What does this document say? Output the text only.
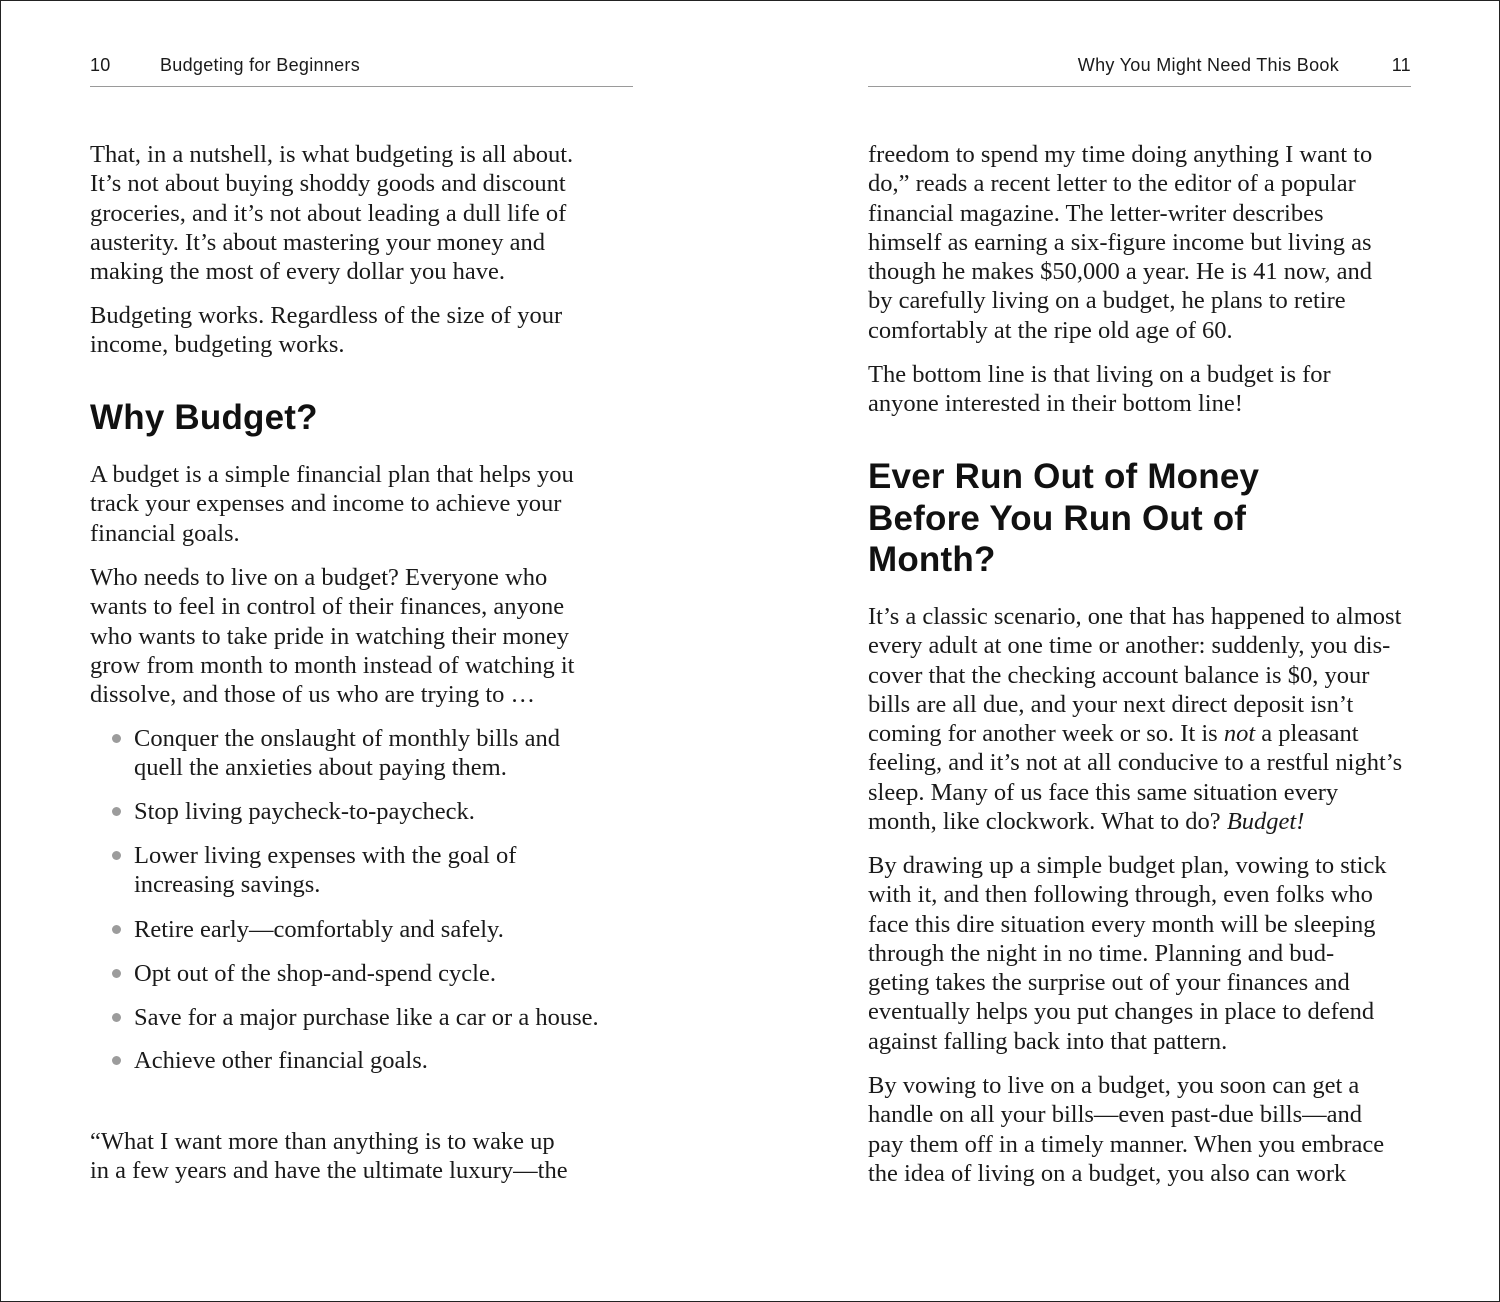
10	Budgeting for Beginners
That, in a nutshell, is what budgeting is all about.
It’s not about buying shoddy goods and discount
groceries, and it’s not about leading a dull life of
austerity. It’s about mastering your money and
making the most of every dollar you have.
Budgeting works. Regardless of the size of your
income, budgeting works.
Why Budget?
A budget is a simple financial plan that helps you
track your expenses and income to achieve your
financial goals.
Who needs to live on a budget? Everyone who
wants to feel in control of their finances, anyone
who wants to take pride in watching their money
grow from month to month instead of watching it
dissolve, and those of us who are trying to …
Conquer the onslaught of monthly bills and
quell the anxieties about paying them.
Stop living paycheck-to-paycheck.
Lower living expenses with the goal of
increasing savings.
Retire early—comfortably and safely.
Opt out of the shop-and-spend cycle.
Save for a major purchase like a car or a house.
Achieve other financial goals.
“What I want more than anything is to wake up
in a few years and have the ultimate luxury—the
Why You Might Need This Book	11
freedom to spend my time doing anything I want to
do,” reads a recent letter to the editor of a popular
financial magazine. The letter-writer describes
himself as earning a six-figure income but living as
though he makes $50,000 a year. He is 41 now, and
by carefully living on a budget, he plans to retire
comfortably at the ripe old age of 60.
The bottom line is that living on a budget is for
anyone interested in their bottom line!
Ever Run Out of Money
Before You Run Out of
Month?
It’s a classic scenario, one that has happened to almost
every adult at one time or another: suddenly, you dis-
cover that the checking account balance is $0, your
bills are all due, and your next direct deposit isn’t
coming for another week or so. It is not a pleasant
feeling, and it’s not at all conducive to a restful night’s
sleep. Many of us face this same situation every
month, like clockwork. What to do? Budget!
By drawing up a simple budget plan, vowing to stick
with it, and then following through, even folks who
face this dire situation every month will be sleeping
through the night in no time. Planning and bud-
geting takes the surprise out of your finances and
eventually helps you put changes in place to defend
against falling back into that pattern.
By vowing to live on a budget, you soon can get a
handle on all your bills—even past-due bills—and
pay them off in a timely manner. When you embrace
the idea of living on a budget, you also can work
